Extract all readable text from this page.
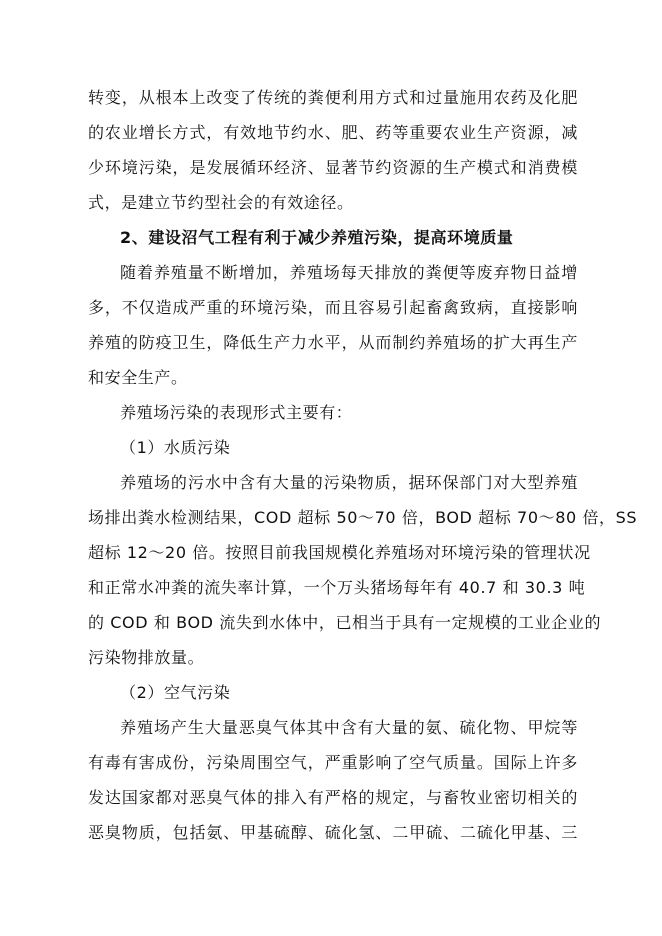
转变，从根本上改变了传统的粪便利用方式和过量施用农药及化肥
的农业增长方式，有效地节约水、肥、药等重要农业生产资源，减
少环境污染，是发展循环经济、显著节约资源的生产模式和消费模
式，是建立节约型社会的有效途径。
2、建设沼气工程有利于减少养殖污染，提高环境质量
随着养殖量不断增加，养殖场每天排放的粪便等废弃物日益增
多，不仅造成严重的环境污染，而且容易引起畜禽致病，直接影响
养殖的防疫卫生，降低生产力水平，从而制约养殖场的扩大再生产
和安全生产。
养殖场污染的表现形式主要有：
（1）水质污染
养殖场的污水中含有大量的污染物质，据环保部门对大型养殖
场排出粪水检测结果，COD 超标 50～70 倍，BOD 超标 70～80 倍，SS
超标 12～20 倍。按照目前我国规模化养殖场对环境污染的管理状况
和正常水冲粪的流失率计算，一个万头猪场每年有 40.7 和 30.3 吨
的 COD 和 BOD 流失到水体中，已相当于具有一定规模的工业企业的
污染物排放量。
（2）空气污染
养殖场产生大量恶臭气体其中含有大量的氨、硫化物、甲烷等
有毒有害成份，污染周围空气，严重影响了空气质量。国际上许多
发达国家都对恶臭气体的排入有严格的规定，与畜牧业密切相关的
恶臭物质，包括氨、甲基硫醇、硫化氢、二甲硫、二硫化甲基、三
